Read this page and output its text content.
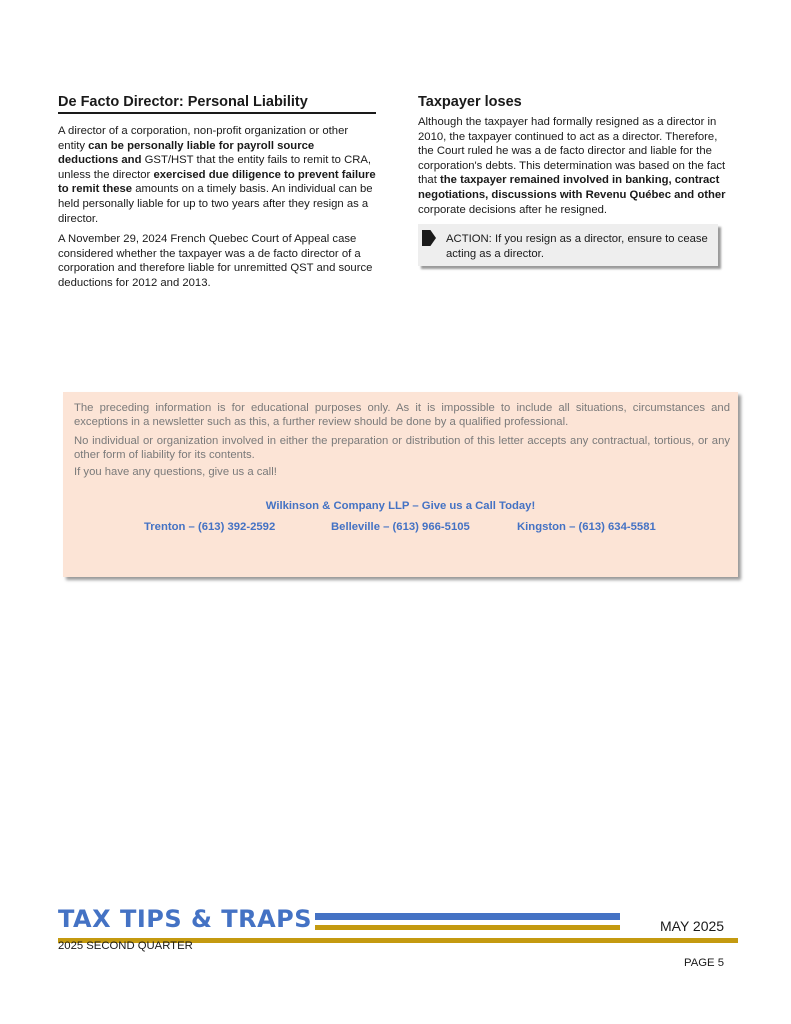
De Facto Director: Personal Liability

A director of a corporation, non-profit organization or other entity can be personally liable for payroll source deductions and GST/HST that the entity fails to remit to CRA, unless the director exercised due diligence to prevent failure to remit these amounts on a timely basis. An individual can be held personally liable for up to two years after they resign as a director.

A November 29, 2024 French Quebec Court of Appeal case considered whether the taxpayer was a de facto director of a corporation and therefore liable for unremitted QST and source deductions for 2012 and 2013.

Taxpayer loses

Although the taxpayer had formally resigned as a director in 2010, the taxpayer continued to act as a director. Therefore, the Court ruled he was a de facto director and liable for the corporation's debts. This determination was based on the fact that the taxpayer remained involved in banking, contract negotiations, discussions with Revenu Québec and other corporate decisions after he resigned.

ACTION: If you resign as a director, ensure to cease acting as a director.

The preceding information is for educational purposes only. As it is impossible to include all situations, circumstances and exceptions in a newsletter such as this, a further review should be done by a qualified professional.

No individual or organization involved in either the preparation or distribution of this letter accepts any contractual, tortious, or any other form of liability for its contents.

If you have any questions, give us a call!

Wilkinson & Company LLP – Give us a Call Today!
Trenton – (613) 392-2592	Belleville – (613) 966-5105	Kingston – (613) 634-5581
TAX TIPS & TRAPS	MAY 2025
2025 SECOND QUARTER
PAGE 5
